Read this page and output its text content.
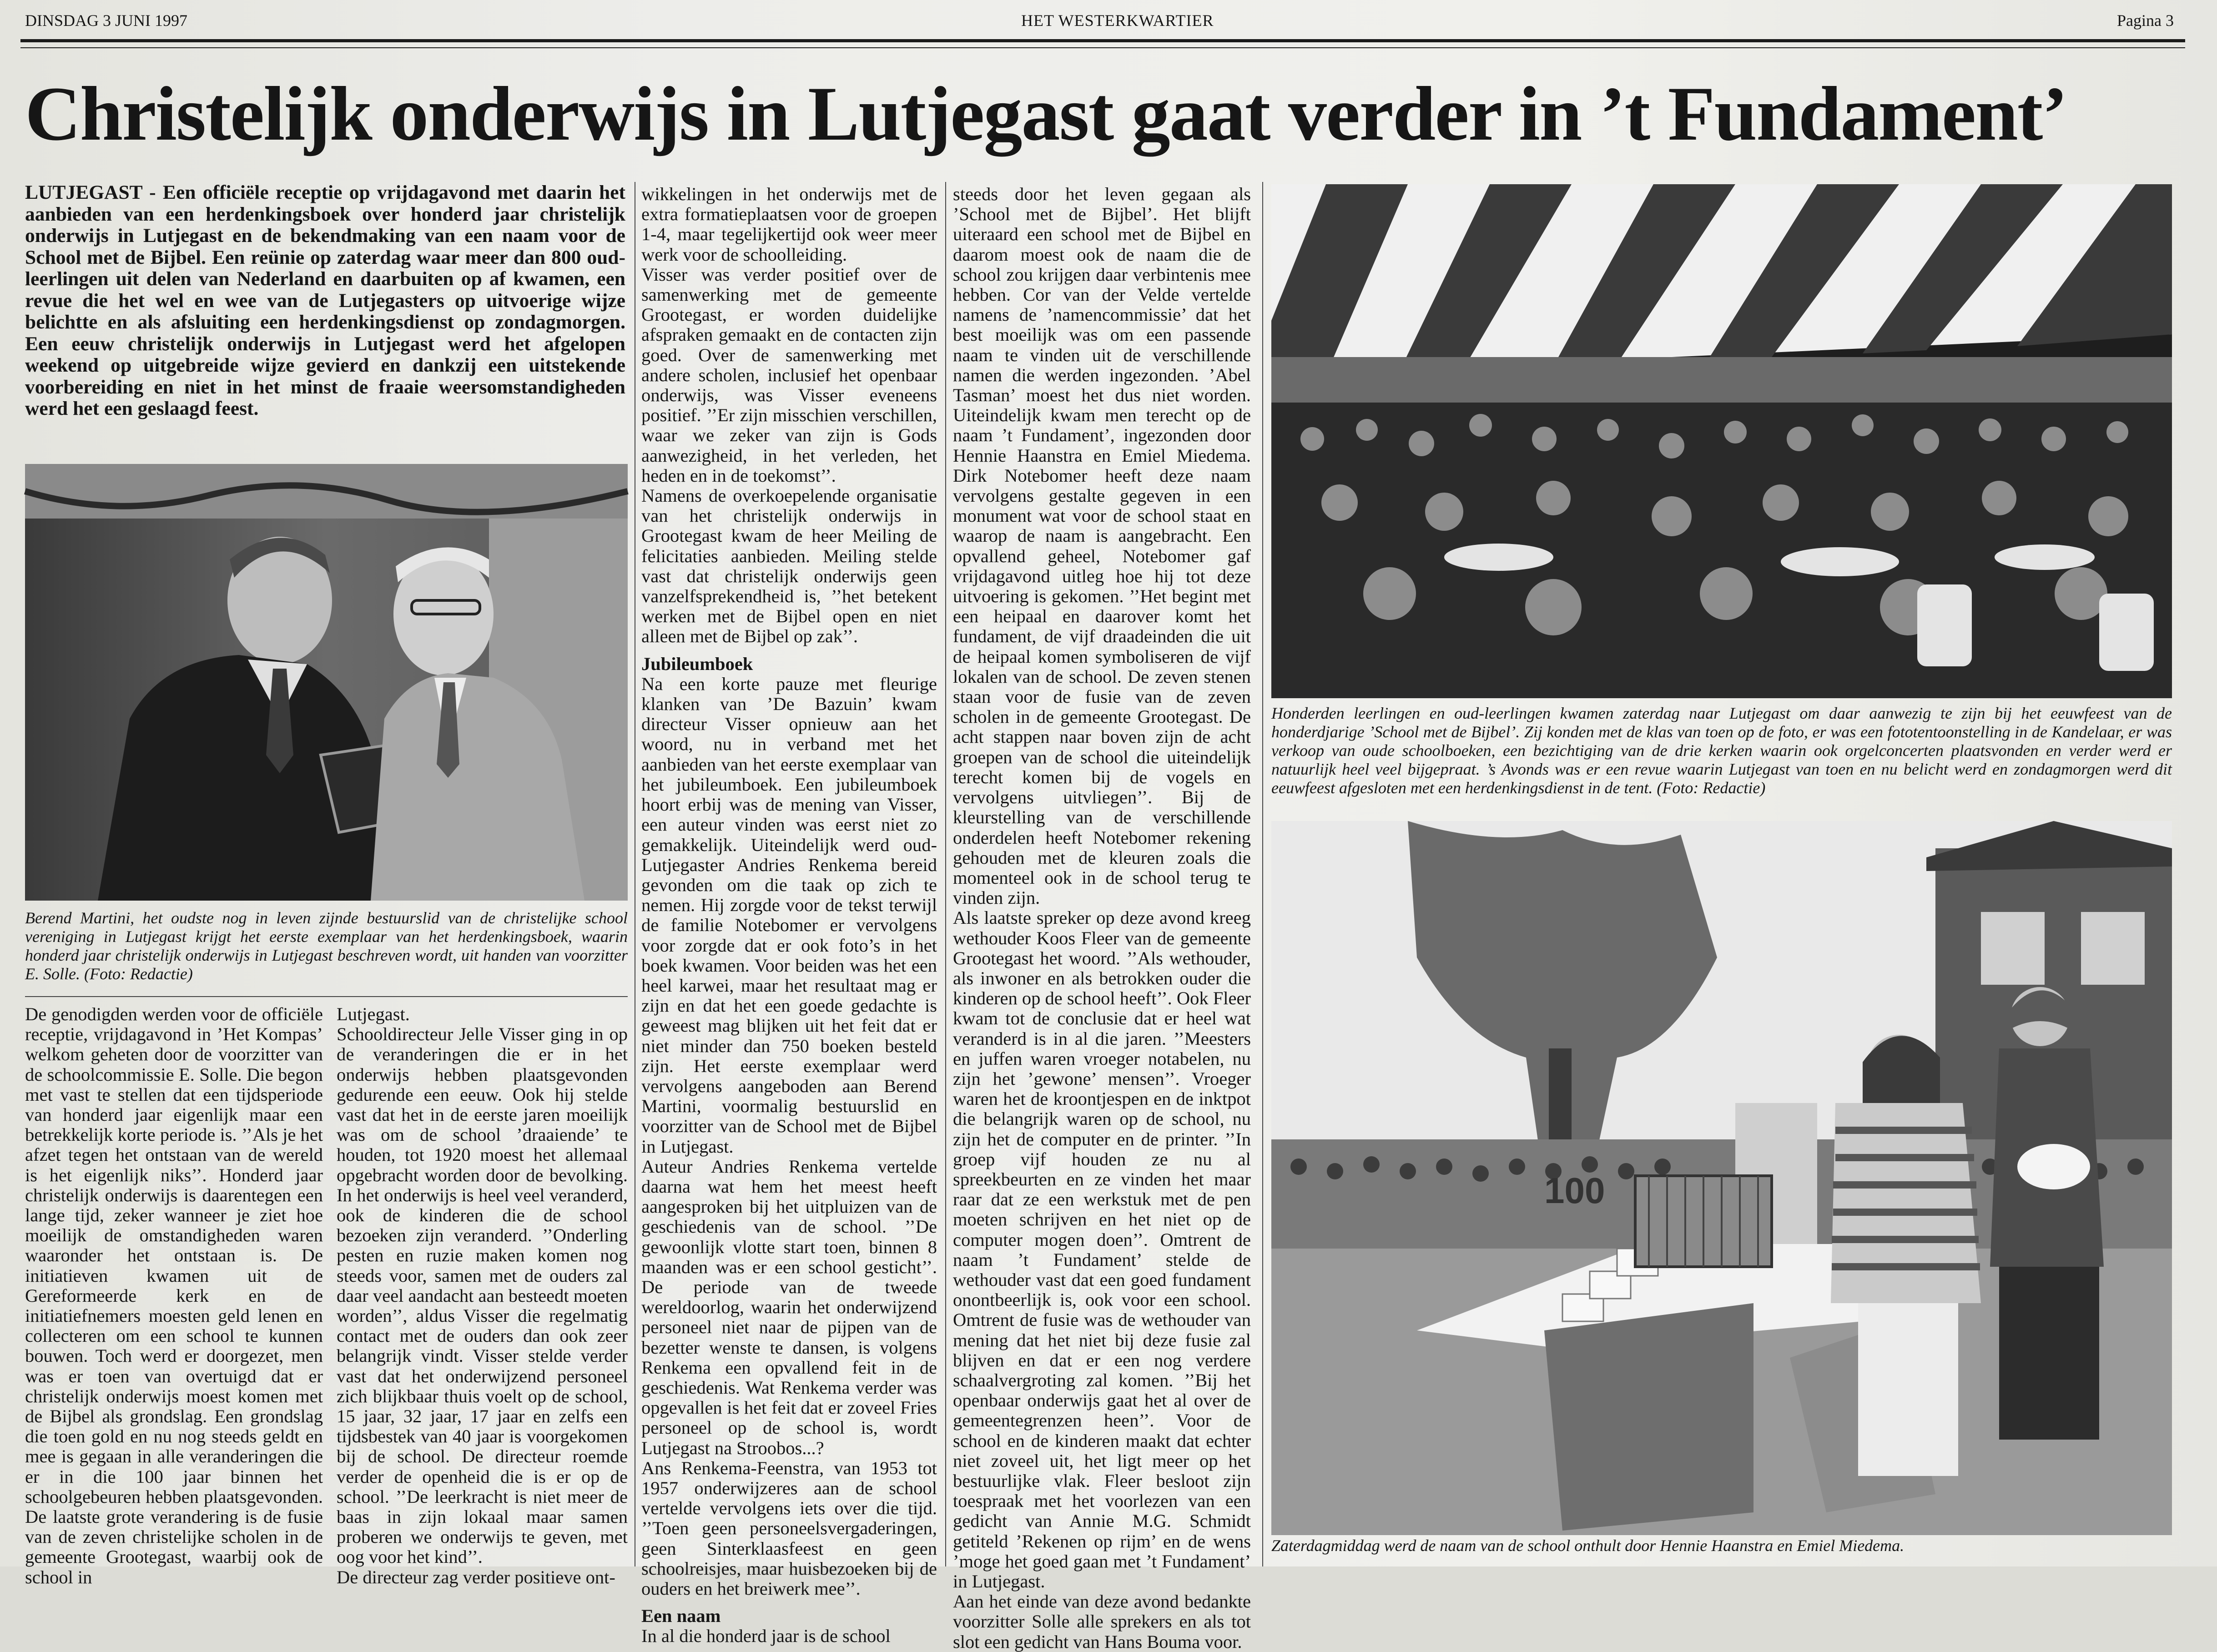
DINSDAG 3 JUNI 1997	HET WESTERKWARTIER	Pagina 3
Christelijk onderwijs in Lutjegast gaat verder in ’t Fundament’
LUTJEGAST - Een officiële receptie op vrijdagavond met daarin het aanbieden van een herdenkingsboek over honderd jaar christelijk onderwijs in Lutjegast en de bekendmaking van een naam voor de School met de Bijbel. Een reünie op zaterdag waar meer dan 800 oud-leerlingen uit delen van Nederland en daarbuiten op af kwamen, een revue die het wel en wee van de Lutjegasters op uitvoerige wijze belichtte en als afsluiting een herdenkingsdienst op zondagmorgen. Een eeuw christelijk onderwijs in Lutjegast werd het afgelopen weekend op uitgebreide wijze gevierd en dankzij een uitstekende voorbereiding en niet in het minst de fraaie weersomstandigheden werd het een geslaagd feest.
Berend Martini, het oudste nog in leven zijnde bestuurslid van de christelijke school vereniging in Lutjegast krijgt het eerste exemplaar van het herdenkingsboek, waarin honderd jaar christelijk onderwijs in Lutjegast beschreven wordt, uit handen van voorzitter E. Solle. (Foto: Redactie)

De genodigden werden voor de officiële receptie, vrijdagavond in ’Het Kompas’ welkom geheten door de voorzitter van de schoolcommissie E. Solle. Die begon met vast te stellen dat een tijdsperiode van honderd jaar eigenlijk maar een betrekkelijk korte periode is. ’’Als je het afzet tegen het ontstaan van de wereld is het eigenlijk niks’’. Honderd jaar christelijk onderwijs is daarentegen een lange tijd, zeker wanneer je ziet hoe moeilijk de omstandigheden waren waaronder het ontstaan is. De initiatieven kwamen uit de Gereformeerde kerk en de initiatiefnemers moesten geld lenen en collecteren om een school te kunnen bouwen. Toch werd er doorgezet, men was er toen van overtuigd dat er christelijk onderwijs moest komen met de Bijbel als grondslag. Een grondslag die toen gold en nu nog steeds geldt en mee is gegaan in alle veranderingen die er in die 100 jaar binnen het schoolgebeuren hebben plaatsgevonden. De laatste grote verandering is de fusie van de zeven christelijke scholen in de gemeente Grootegast, waarbij ook de school in

Lutjegast.

Schooldirecteur Jelle Visser ging in op de veranderingen die er in het onderwijs hebben plaatsgevonden gedurende een eeuw. Ook hij stelde vast dat het in de eerste jaren moeilijk was om de school ’draaiende’ te houden, tot 1920 moest het allemaal opgebracht worden door de bevolking. In het onderwijs is heel veel veranderd, ook de kinderen die de school bezoeken zijn veranderd. ’’Onderling pesten en ruzie maken komen nog steeds voor, samen met de ouders zal daar veel aandacht aan besteedt moeten worden’’, aldus Visser die regelmatig contact met de ouders dan ook zeer belangrijk vindt. Visser stelde verder vast dat het onderwijzend personeel zich blijkbaar thuis voelt op de school, 15 jaar, 32 jaar, 17 jaar en zelfs een tijdsbestek van 40 jaar is voorgekomen bij de school. De directeur roemde verder de openheid die is er op de school. ’’De leerkracht is niet meer de baas in zijn lokaal maar samen proberen we onderwijs te geven, met oog voor het kind’’.

De directeur zag verder positieve ont-

wikkelingen in het onderwijs met de extra formatieplaatsen voor de groepen 1-4, maar tegelijkertijd ook weer meer werk voor de schoolleiding.

Visser was verder positief over de samenwerking met de gemeente Grootegast, er worden duidelijke afspraken gemaakt en de contacten zijn goed. Over de samenwerking met andere scholen, inclusief het openbaar onderwijs, was Visser eveneens positief. ’’Er zijn misschien verschillen, waar we zeker van zijn is Gods aanwezigheid, in het verleden, het heden en in de toekomst’’.

Namens de overkoepelende organisatie van het christelijk onderwijs in Grootegast kwam de heer Meiling de felicitaties aanbieden. Meiling stelde vast dat christelijk onderwijs geen vanzelfsprekendheid is, ’’het betekent werken met de Bijbel open en niet alleen met de Bijbel op zak’’.

Jubileumboek

Na een korte pauze met fleurige klanken van ’De Bazuin’ kwam directeur Visser opnieuw aan het woord, nu in verband met het aanbieden van het eerste exemplaar van het jubileumboek. Een jubileumboek hoort erbij was de mening van Visser, een auteur vinden was eerst niet zo gemakkelijk. Uiteindelijk werd oud-Lutjegaster Andries Renkema bereid gevonden om die taak op zich te nemen. Hij zorgde voor de tekst terwijl de familie Notebomer er vervolgens voor zorgde dat er ook foto’s in het boek kwamen. Voor beiden was het een heel karwei, maar het resultaat mag er zijn en dat het een goede gedachte is geweest mag blijken uit het feit dat er niet minder dan 750 boeken besteld zijn. Het eerste exemplaar werd vervolgens aangeboden aan Berend Martini, voormalig bestuurslid en voorzitter van de School met de Bijbel in Lutjegast.

Auteur Andries Renkema vertelde daarna wat hem het meest heeft aangesproken bij het uitpluizen van de geschiedenis van de school. ’’De gewoonlijk vlotte start toen, binnen 8 maanden was er een school gesticht’’. De periode van de tweede wereldoorlog, waarin het onderwijzend personeel niet naar de pijpen van de bezetter wenste te dansen, is volgens Renkema een opvallend feit in de geschiedenis. Wat Renkema verder was opgevallen is het feit dat er zoveel Fries personeel op de school is, wordt Lutjegast na Stroobos...?

Ans Renkema-Feenstra, van 1953 tot 1957 onderwijzeres aan de school vertelde vervolgens iets over die tijd. ’’Toen geen personeelsvergaderingen, geen Sinterklaasfeest en geen schoolreisjes, maar huisbezoeken bij de ouders en het breiwerk mee’’.

Een naam

In al die honderd jaar is de school

steeds door het leven gegaan als ’School met de Bijbel’. Het blijft uiteraard een school met de Bijbel en daarom moest ook de naam die de school zou krijgen daar verbintenis mee hebben. Cor van der Velde vertelde namens de ’namencommissie’ dat het best moeilijk was om een passende naam te vinden uit de verschillende namen die werden ingezonden. ’Abel Tasman’ moest het dus niet worden. Uiteindelijk kwam men terecht op de naam ’t Fundament’, ingezonden door Hennie Haanstra en Emiel Miedema. Dirk Notebomer heeft deze naam vervolgens gestalte gegeven in een monument wat voor de school staat en waarop de naam is aangebracht. Een opvallend geheel, Notebomer gaf vrijdagavond uitleg hoe hij tot deze uitvoering is gekomen. ’’Het begint met een heipaal en daarover komt het fundament, de vijf draadeinden die uit de heipaal komen symboliseren de vijf lokalen van de school. De zeven stenen staan voor de fusie van de zeven scholen in de gemeente Grootegast. De acht stappen naar boven zijn de acht groepen van de school die uiteindelijk terecht komen bij de vogels en vervolgens uitvliegen’’. Bij de kleurstelling van de verschillende onderdelen heeft Notebomer rekening gehouden met de kleuren zoals die momenteel ook in de school terug te vinden zijn.

Als laatste spreker op deze avond kreeg wethouder Koos Fleer van de gemeente Grootegast het woord. ’’Als wethouder, als inwoner en als betrokken ouder die kinderen op de school heeft’’. Ook Fleer kwam tot de conclusie dat er heel wat veranderd is in al die jaren. ’’Meesters en juffen waren vroeger notabelen, nu zijn het ’gewone’ mensen’’. Vroeger waren het de kroontjespen en de inktpot die belangrijk waren op de school, nu zijn het de computer en de printer. ’’In groep vijf houden ze nu al spreekbeurten en ze vinden het maar raar dat ze een werkstuk met de pen moeten schrijven en het niet op de computer mogen doen’’. Omtrent de naam ’t Fundament’ stelde de wethouder vast dat een goed fundament onontbeerlijk is, ook voor een school. Omtrent de fusie was de wethouder van mening dat het niet bij deze fusie zal blijven en dat er een nog verdere schaalvergroting zal komen. ’’Bij het openbaar onderwijs gaat het al over de gemeentegrenzen heen’’. Voor de school en de kinderen maakt dat echter niet zoveel uit, het ligt meer op het bestuurlijke vlak. Fleer besloot zijn toespraak met het voorlezen van een gedicht van Annie M.G. Schmidt getiteld ’Rekenen op rijm’ en de wens ’moge het goed gaan met ’t Fundament’ in Lutjegast.

Aan het einde van deze avond bedankte voorzitter Solle alle sprekers en als tot slot een gedicht van Hans Bouma voor.

Honderden leerlingen en oud-leerlingen kwamen zaterdag naar Lutjegast om daar aanwezig te zijn bij het eeuwfeest van de honderdjarige ’School met de Bijbel’. Zij konden met de klas van toen op de foto, er was een fototentoonstelling in de Kandelaar, er was verkoop van oude schoolboeken, een bezichtiging van de drie kerken waarin ook orgelconcerten plaatsvonden en verder werd er natuurlijk heel veel bijgepraat. ’s Avonds was er een revue waarin Lutjegast van toen en nu belicht werd en zondagmorgen werd dit eeuwfeest afgesloten met een herdenkingsdienst in de tent. (Foto: Redactie)
100
Zaterdagmiddag werd de naam van de school onthult door Hennie Haanstra en Emiel Miedema.
